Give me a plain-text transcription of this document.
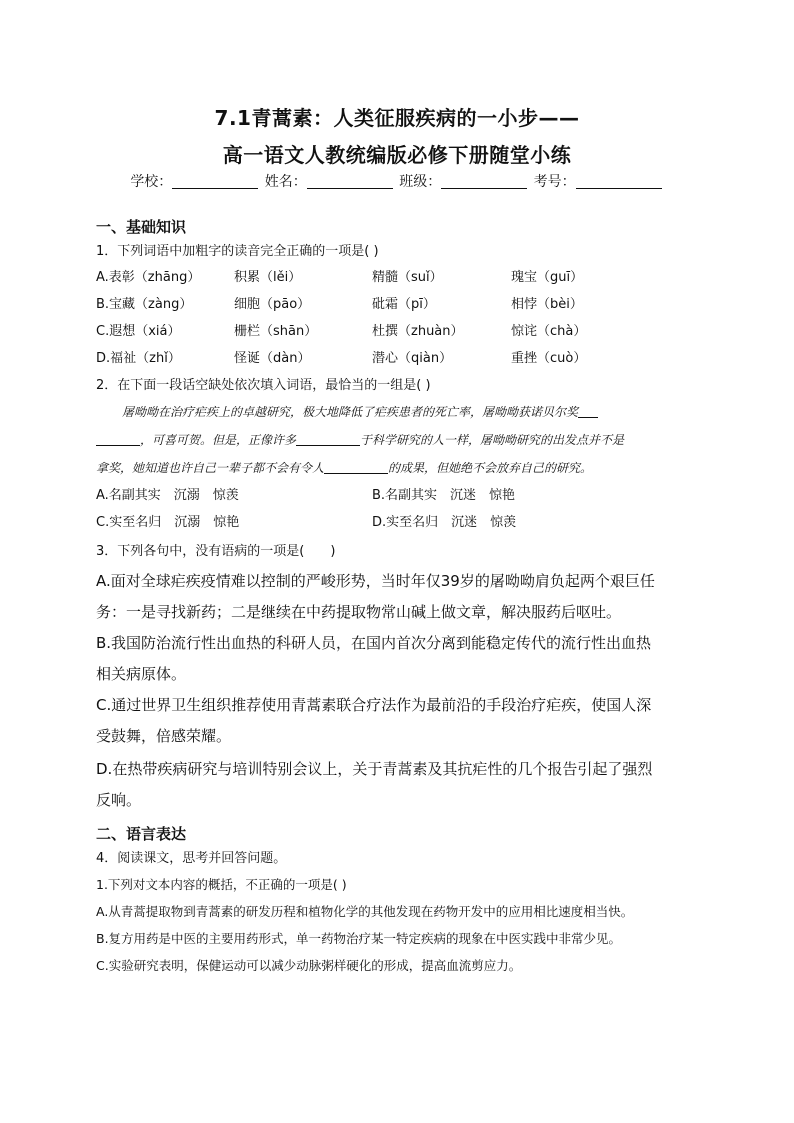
7.1青蒿素：人类征服疾病的一小步——
高一语文人教统编版必修下册随堂小练
学校：	姓名：	班级：	考号：
一、基础知识
1．下列词语中加粗字的读音完全正确的一项是( )
A.表彰（zhāng）	积累（lěi）	精髓（suǐ）	瑰宝（guī）
B.宝藏（zàng）	细胞（pāo）	砒霜（pī）	相悖（bèi）
C.遐想（xiá）	栅栏（shān）	杜撰（zhuàn）	惊诧（chà）
D.福祉（zhǐ）	怪诞（dàn）	潜心（qiàn）	重挫（cuò）
2．在下面一段话空缺处依次填入词语，最恰当的一组是( )
屠呦呦在治疗疟疾上的卓越研究，极大地降低了疟疾患者的死亡率，屠呦呦获诺贝尔奖
，可喜可贺。但是，正像许多	于科学研究的人一样，屠呦呦研究的出发点并不是
拿奖，她知道也许自己一辈子都不会有令人	的成果，但她绝不会放弃自己的研究。
A.名副其实　沉溺　惊羡	B.名副其实　沉迷　惊艳
C.实至名归　沉溺　惊艳	D.实至名归　沉迷　惊羡
3．下列各句中，没有语病的一项是(　　)
A.面对全球疟疾疫情难以控制的严峻形势，当时年仅39岁的屠呦呦肩负起两个艰巨任
务：一是寻找新药；二是继续在中药提取物常山碱上做文章，解决服药后呕吐。
B.我国防治流行性出血热的科研人员，在国内首次分离到能稳定传代的流行性出血热
相关病原体。
C.通过世界卫生组织推荐使用青蒿素联合疗法作为最前沿的手段治疗疟疾，使国人深
受鼓舞，倍感荣耀。
D.在热带疾病研究与培训特别会议上，关于青蒿素及其抗疟性的几个报告引起了强烈
反响。
二、语言表达
4．阅读课文，思考并回答问题。
1.下列对文本内容的概括，不正确的一项是( )
A.从青蒿提取物到青蒿素的研发历程和植物化学的其他发现在药物开发中的应用相比速度相当快。
B.复方用药是中医的主要用药形式，单一药物治疗某一特定疾病的现象在中医实践中非常少见。
C.实验研究表明，保健运动可以减少动脉粥样硬化的形成，提高血流剪应力。
